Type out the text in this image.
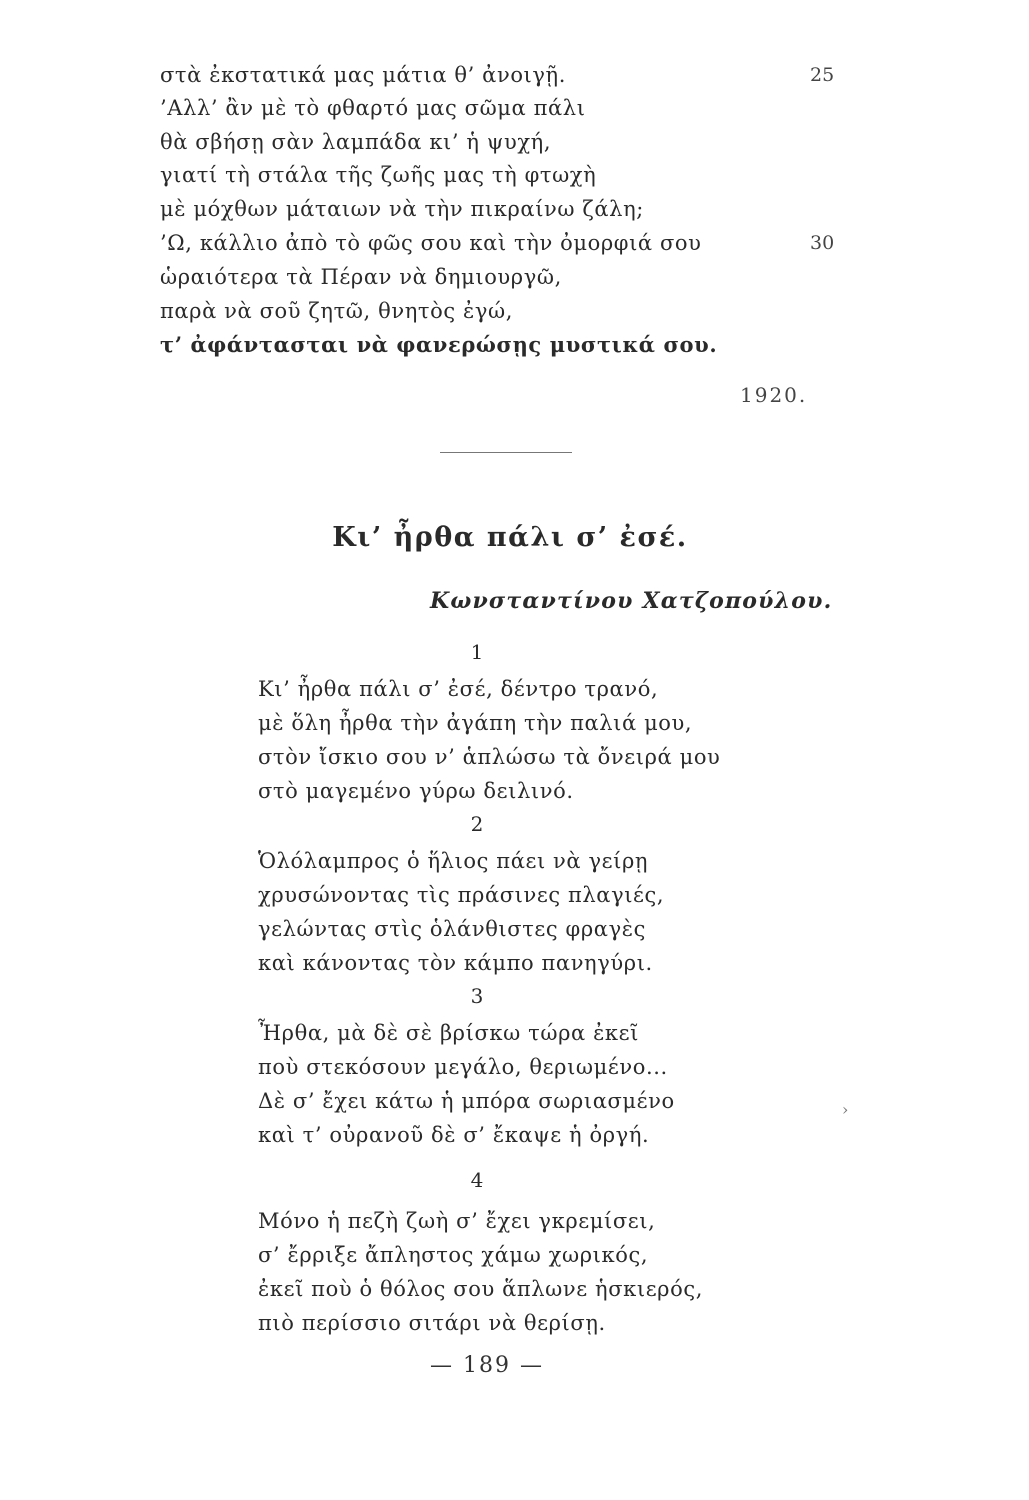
στὰ ἐκστατικά μας μάτια θ’ ἀνοιγῇ.	25
’Αλλ’ ἂν μὲ τὸ φθαρτό μας σῶμα πάλι
θὰ σβήσῃ σὰν λαμπάδα κι’ ἡ ψυχή,
γιατί τὴ στάλα τῆς ζωῆς μας τὴ φτωχὴ
μὲ μόχθων μάταιων νὰ τὴν πικραίνω ζάλη;
’Ω, κάλλιο ἀπὸ τὸ φῶς σου καὶ τὴν ὀμορφιά σου	30
ὡραιότερα τὰ Πέραν νὰ δημιουργῶ,
παρὰ νὰ σοῦ ζητῶ, θνητὸς ἐγώ,
τ’ ἀφάντασται νὰ φανερώσῃς μυστικά σου.
1920.
Κι’ ἦρθα πάλι σ’ ἐσέ.
Κωνσταντίνου Χατζοπούλου.
1
Κι’ ἦρθα πάλι σ’ ἐσέ, δέντρο τρανό,
μὲ ὅλη ἦρθα τὴν ἀγάπη τὴν παλιά μου,
στὸν ἴσκιο σου ν’ ἁπλώσω τὰ ὄνειρά μου
στὸ μαγεμένο γύρω δειλινό.
2
Ὁλόλαμπρος ὁ ἥλιος πάει νὰ γείρῃ
χρυσώνοντας τὶς πράσινες πλαγιές,
γελώντας στὶς ὁλάνθιστες φραγὲς
καὶ κάνοντας τὸν κάμπο πανηγύρι.
3
Ἦρθα, μὰ δὲ σὲ βρίσκω τώρα ἐκεῖ
ποὺ στεκόσουν μεγάλο, θεριωμένο...
Δὲ σ’ ἔχει κάτω ἡ μπόρα σωριασμένο
καὶ τ’ οὐρανοῦ δὲ σ’ ἔκαψε ἡ ὀργή.
4
Μόνο ἡ πεζὴ ζωὴ σ’ ἔχει γκρεμίσει,
σ’ ἔρριξε ἄπληστος χάμω χωρικός,
ἐκεῖ ποὺ ὁ θόλος σου ἅπλωνε ἡσκιερός,
πιὸ περίσσιο σιτάρι νὰ θερίσῃ.
›
— 189 —
